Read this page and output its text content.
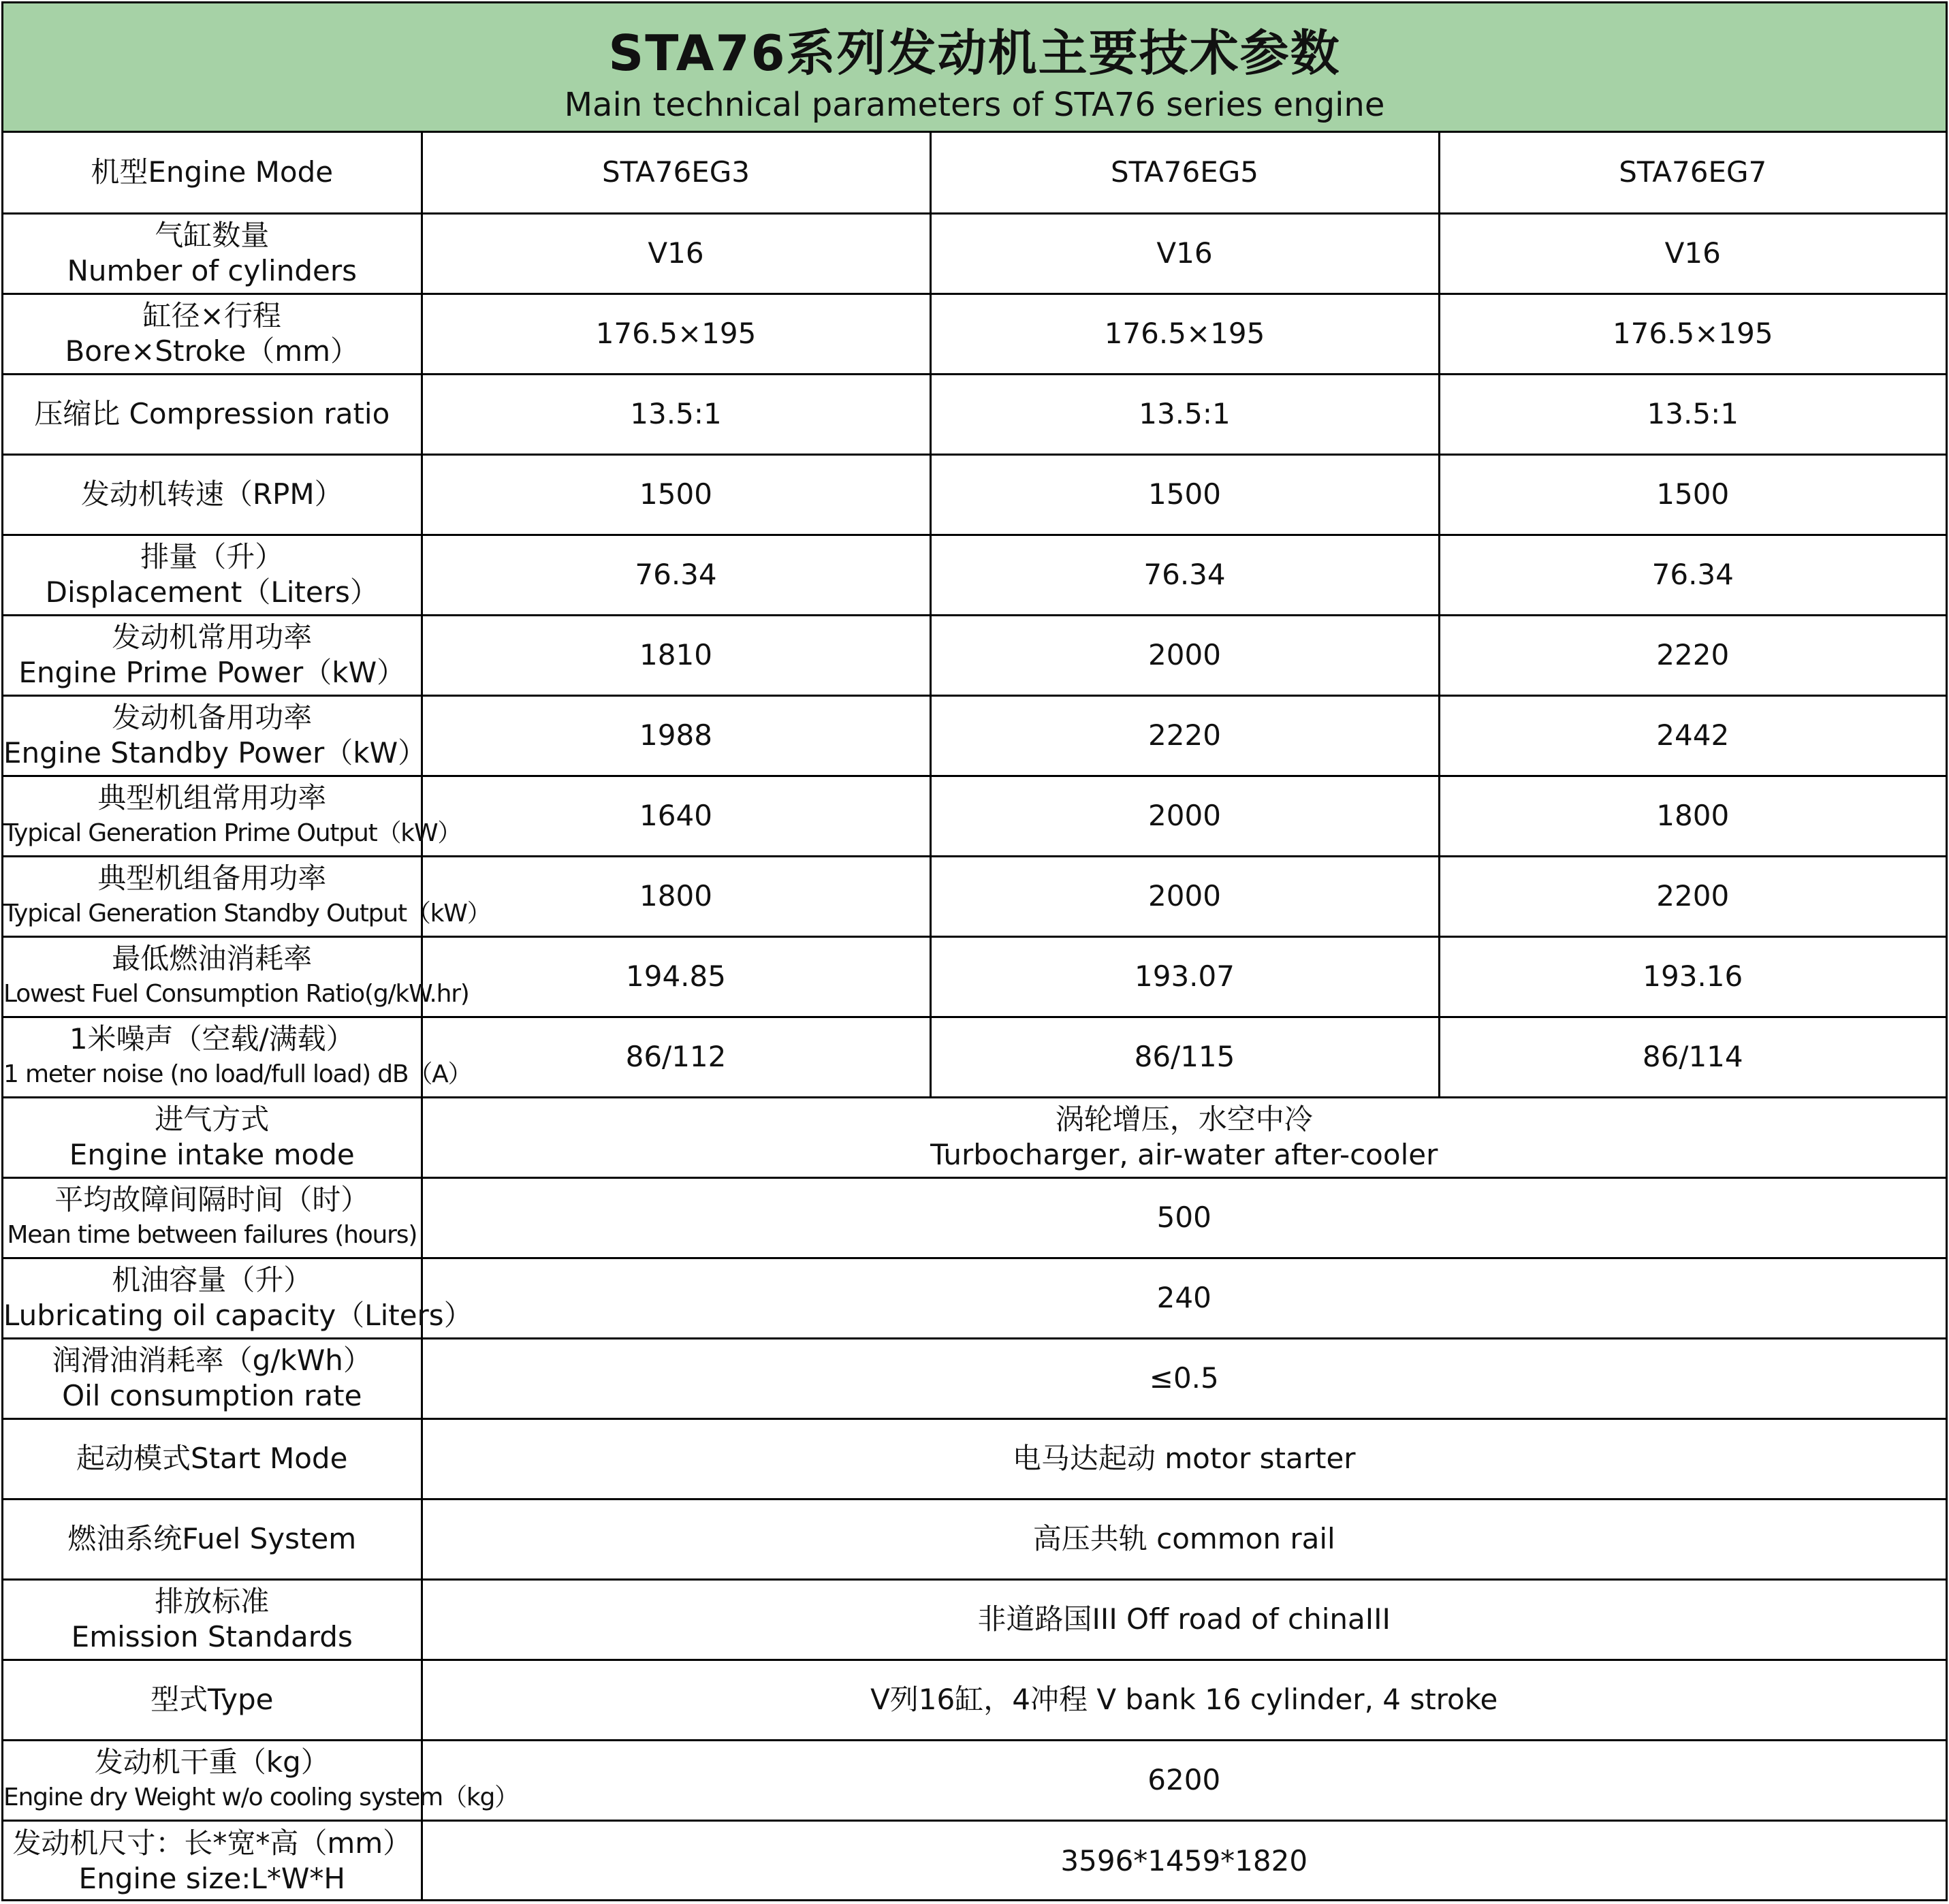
STA76系列发动机主要技术参数
Main technical parameters of STA76 series engine
机型Engine Mode	STA76EG3	STA76EG5	STA76EG7

气缸数量
Number of cylinders	V16	V16	V16

缸径×行程
Bore×Stroke（mm）	176.5×195	176.5×195	176.5×195

压缩比 Compression ratio	13.5:1	13.5:1	13.5:1

发动机转速（RPM）	1500	1500	1500

排量（升）
Displacement（Liters）	76.34	76.34	76.34

发动机常用功率
Engine Prime Power（kW）	1810	2000	2220

发动机备用功率
Engine Standby Power（kW）	1988	2220	2442

典型机组常用功率
Typical Generation Prime Output（kW）	1640	2000	1800

典型机组备用功率
Typical Generation Standby Output（kW）	1800	2000	2200

最低燃油消耗率
Lowest Fuel Consumption Ratio(g/kW.hr)	194.85	193.07	193.16

1米噪声（空载/满载）
1 meter noise (no load/full load) dB（A）	86/112	86/115	86/114

进气方式
Engine intake mode	涡轮增压，水空中冷
Turbocharger, air-water after-cooler		

平均故障间隔时间（时）
Mean time between failures (hours)	500		

机油容量（升）
Lubricating oil capacity（Liters）	240		

润滑油消耗率（g/kWh）
Oil consumption rate	≤0.5		

起动模式Start Mode	电马达起动 motor starter		

燃油系统Fuel System	高压共轨 common rail		

排放标准
Emission Standards	非道路国III Off road of chinaIII		

型式Type	V列16缸，4冲程 V bank 16 cylinder, 4 stroke		

发动机干重（kg）
Engine dry Weight w/o cooling system（kg）	6200		

发动机尺寸：长*宽*高（mm）
Engine size:L*W*H	3596*1459*1820		
